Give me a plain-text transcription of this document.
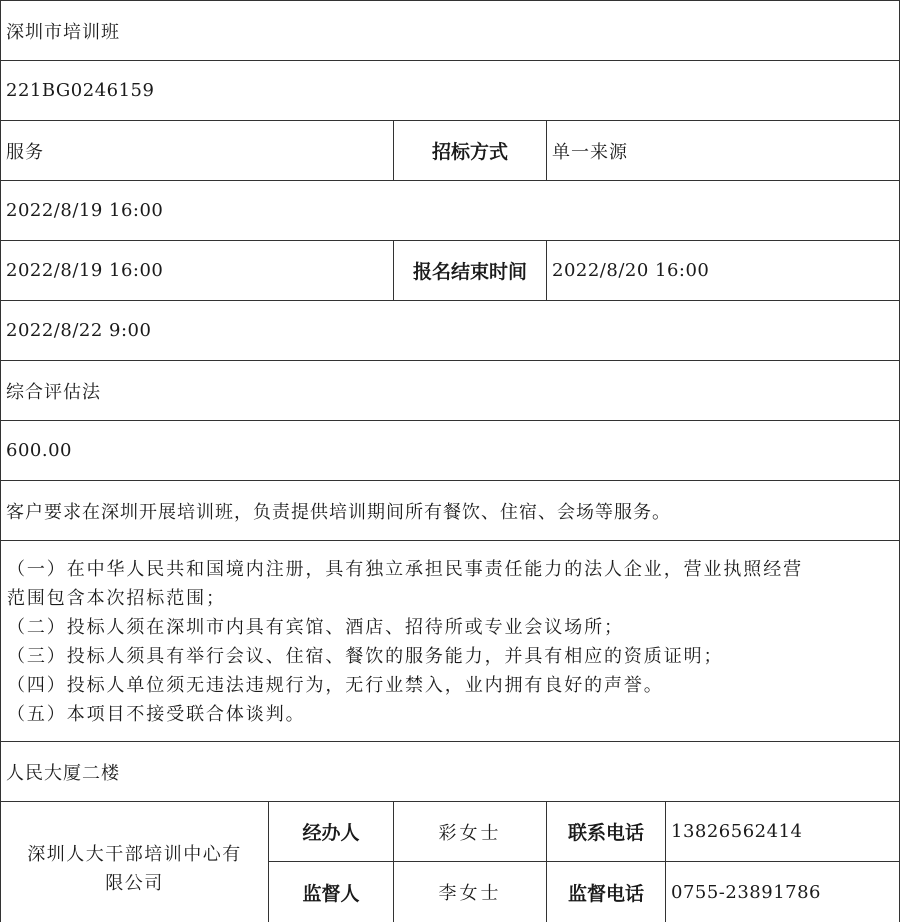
深圳市培训班
221BG0246159
服务	招标方式 单一来源
2022/8/19 16:00
2022/8/19 16:00	报名结束时间 2022/8/20 16:00
2022/8/22 9:00
综合评估法
600.00
客户要求在深圳开展培训班，负责提供培训期间所有餐饮、住宿、会场等服务。
（一）在中华人民共和国境内注册，具有独立承担民事责任能力的法人企业，营业执照经营
范围包含本次招标范围；
（二）投标人须在深圳市内具有宾馆、酒店、招待所或专业会议场所；
（三）投标人须具有举行会议、住宿、餐饮的服务能力，并具有相应的资质证明；
（四）投标人单位须无违法违规行为，无行业禁入，业内拥有良好的声誉。
（五）本项目不接受联合体谈判。
人民大厦二楼
深圳人大干部培训中心有
限公司
经办人	彩女士	联系电话 13826562414
监督人	李女士	监督电话 0755-23891786
